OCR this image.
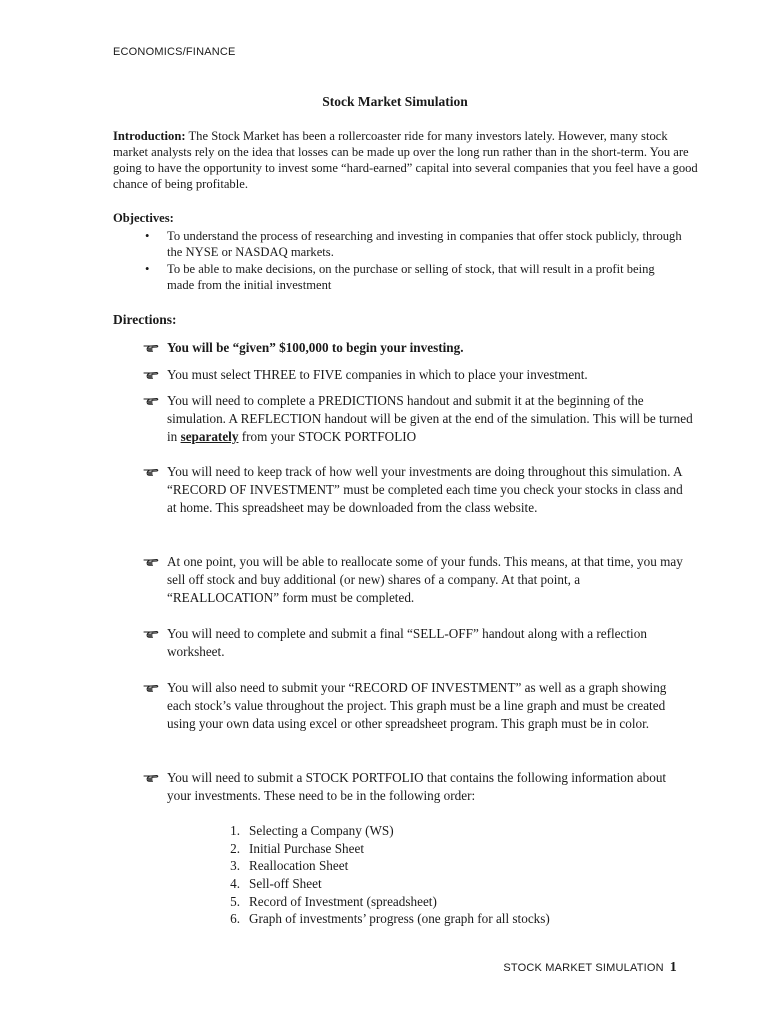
ECONOMICS/FINANCE
Stock Market Simulation
Introduction: The Stock Market has been a rollercoaster ride for many investors lately. However, many stock market analysts rely on the idea that losses can be made up over the long run rather than in the short-term. You are going to have the opportunity to invest some “hard-earned” capital into several companies that you feel have a good chance of being profitable.
Objectives:
• To understand the process of researching and investing in companies that offer stock publicly, through the NYSE or NASDAQ markets.
• To be able to make decisions, on the purchase or selling of stock, that will result in a profit being made from the initial investment
Directions:
You will be “given” $100,000 to begin your investing.
You must select THREE to FIVE companies in which to place your investment.
You will need to complete a PREDICTIONS handout and submit it at the beginning of the simulation. A REFLECTION handout will be given at the end of the simulation. This will be turned in separately from your STOCK PORTFOLIO
You will need to keep track of how well your investments are doing throughout this simulation. A “RECORD OF INVESTMENT” must be completed each time you check your stocks in class and at home. This spreadsheet may be downloaded from the class website.
At one point, you will be able to reallocate some of your funds. This means, at that time, you may sell off stock and buy additional (or new) shares of a company. At that point, a “REALLOCATION” form must be completed.
You will need to complete and submit a final “SELL-OFF” handout along with a reflection worksheet.
You will also need to submit your “RECORD OF INVESTMENT” as well as a graph showing each stock’s value throughout the project. This graph must be a line graph and must be created using your own data using excel or other spreadsheet program. This graph must be in color.
You will need to submit a STOCK PORTFOLIO that contains the following information about your investments. These need to be in the following order:
1. Selecting a Company (WS)
2. Initial Purchase Sheet
3. Reallocation Sheet
4. Sell-off Sheet
5. Record of Investment (spreadsheet)
6. Graph of investments’ progress (one graph for all stocks)
STOCK MARKET SIMULATION 1
